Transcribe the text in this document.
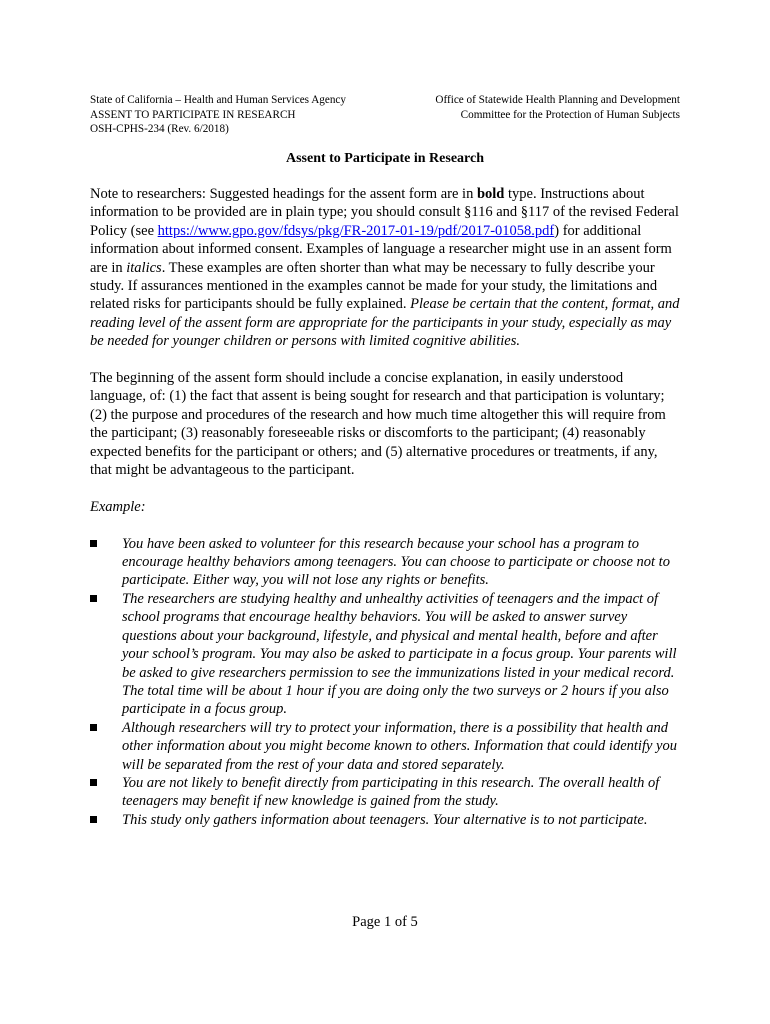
State of California – Health and Human Services Agency
ASSENT TO PARTICIPATE IN RESEARCH
OSH-CPHS-234 (Rev. 6/2018)
Office of Statewide Health Planning and Development
Committee for the Protection of Human Subjects
Assent to Participate in Research

Note to researchers: Suggested headings for the assent form are in bold type. Instructions about information to be provided are in plain type; you should consult §116 and §117 of the revised Federal Policy (see https://www.gpo.gov/fdsys/pkg/FR-2017-01-19/pdf/2017-01058.pdf) for additional information about informed consent. Examples of language a researcher might use in an assent form are in italics. These examples are often shorter than what may be necessary to fully describe your study. If assurances mentioned in the examples cannot be made for your study, the limitations and related risks for participants should be fully explained. Please be certain that the content, format, and reading level of the assent form are appropriate for the participants in your study, especially as may be needed for younger children or persons with limited cognitive abilities.

The beginning of the assent form should include a concise explanation, in easily understood language, of: (1) the fact that assent is being sought for research and that participation is voluntary; (2) the purpose and procedures of the research and how much time altogether this will require from the participant; (3) reasonably foreseeable risks or discomforts to the participant; (4) reasonably expected benefits for the participant or others; and (5) alternative procedures or treatments, if any, that might be advantageous to the participant.

Example:

You have been asked to volunteer for this research because your school has a program to encourage healthy behaviors among teenagers. You can choose to participate or choose not to participate. Either way, you will not lose any rights or benefits.
The researchers are studying healthy and unhealthy activities of teenagers and the impact of school programs that encourage healthy behaviors. You will be asked to answer survey questions about your background, lifestyle, and physical and mental health, before and after your school’s program. You may also be asked to participate in a focus group. Your parents will be asked to give researchers permission to see the immunizations listed in your medical record. The total time will be about 1 hour if you are doing only the two surveys or 2 hours if you also participate in a focus group.
Although researchers will try to protect your information, there is a possibility that health and other information about you might become known to others. Information that could identify you will be separated from the rest of your data and stored separately.
You are not likely to benefit directly from participating in this research. The overall health of teenagers may benefit if new knowledge is gained from the study.
This study only gathers information about teenagers. Your alternative is to not participate.
Page 1 of 5
